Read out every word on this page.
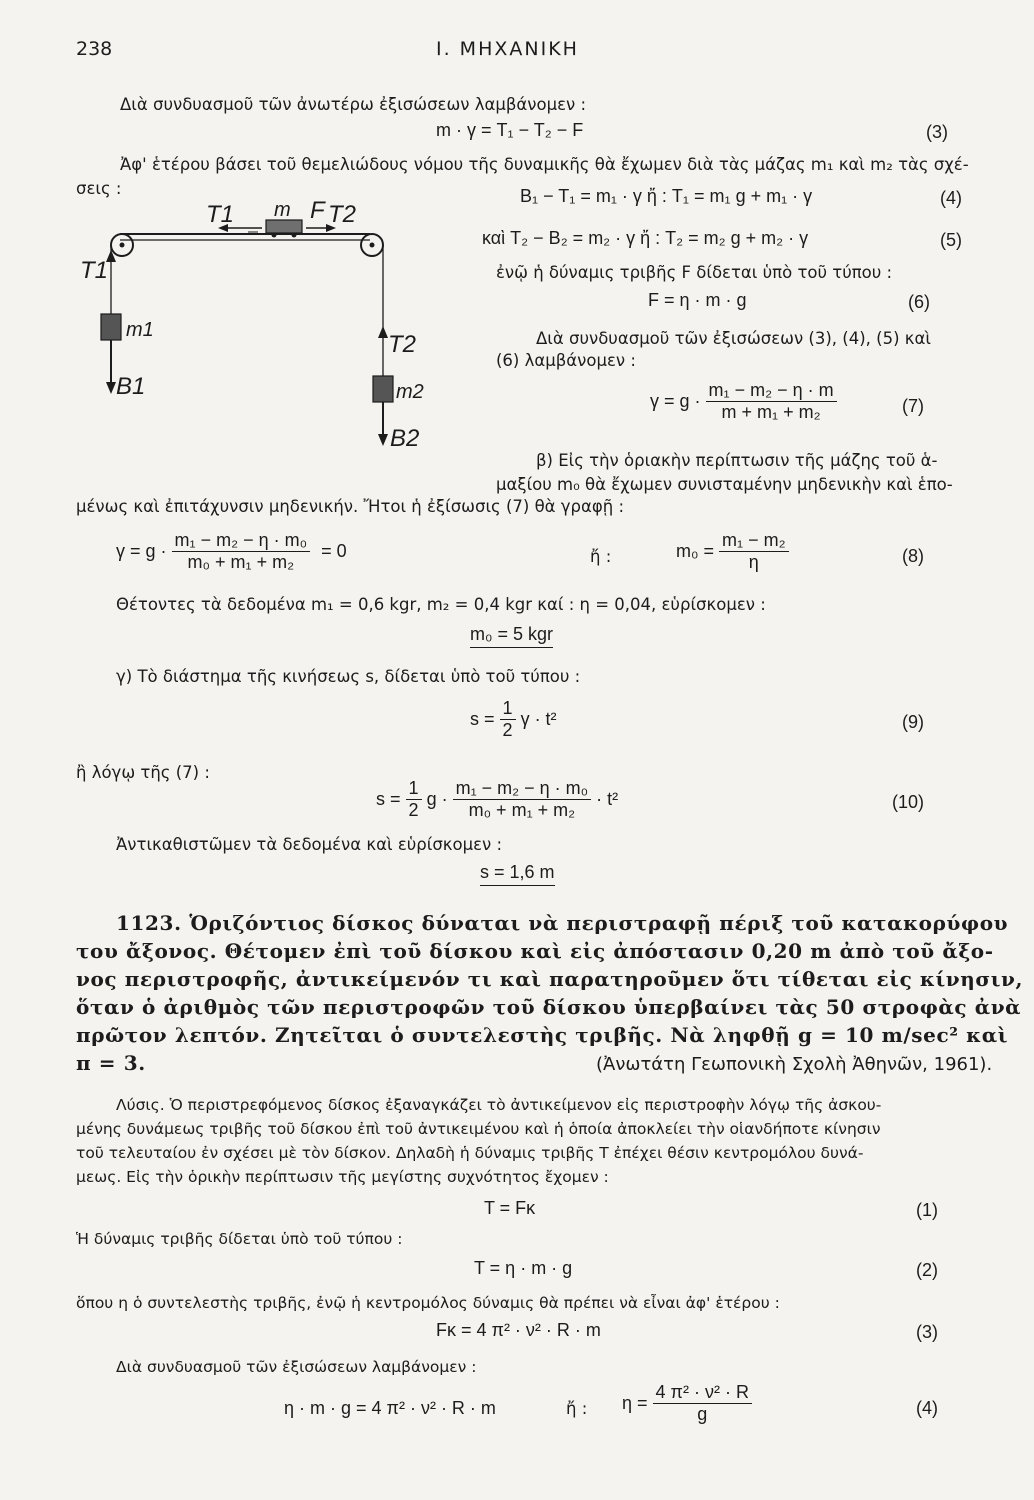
238	Ι. ΜΗΧΑΝΙΚΗ
Διὰ συνδυασμοῦ τῶν ἀνωτέρω ἐξισώσεων λαμβάνομεν :
m · γ = T₁ − T₂ − F	(3)
Ἀφ' ἑτέρου βάσει τοῦ θεμελιώδους νόμου τῆς δυναμικῆς θὰ ἔχωμεν διὰ τὰς μάζας m₁ καὶ m₂ τὰς σχέ-
σεις :
T1
T1 m F T2
m1
B1
T2
m2
B2
B₁ − T₁ = m₁ · γ ἤ : T₁ = m₁ g + m₁ · γ	(4)
καὶ T₂ − B₂ = m₂ · γ ἤ : T₂ = m₂ g + m₂ · γ	(5)
ἐνῷ ἡ δύναμις τριβῆς F δίδεται ὑπὸ τοῦ τύπου :
F = η · m · g	(6)
Διὰ συνδυασμοῦ τῶν ἐξισώσεων (3), (4), (5) καὶ
(6) λαμβάνομεν :
$\gamma = g \cdot \frac{\text{m₁ − m₂ − η · m}}{\text{m + m₁ + m₂}}$	(7)
β) Εἰς τὴν ὁριακὴν περίπτωσιν τῆς μάζης τοῦ ἁ-
μαξίου m₀ θὰ ἔχωμεν συνισταμένην μηδενικὴν καὶ ἑπο-
μένως καὶ ἐπιτάχυνσιν μηδενικήν. Ἤτοι ἡ ἐξίσωσις (7) θὰ γραφῇ :
$\gamma = g \cdot \frac{\text{m₁ − m₂ − η · m₀}}{\text{m₀ + m₁ + m₂}} = 0$	ἤ :	$m_0 = \frac{\text{m₁ − m₂}}{\eta}$	(8)
Θέτοντες τὰ δεδομένα m₁ = 0,6 kgr, m₂ = 0,4 kgr καί : η = 0,04, εὑρίσκομεν :
m₀ = 5 kgr
γ) Τὸ διάστημα τῆς κινήσεως s, δίδεται ὑπὸ τοῦ τύπου :
$s = \frac{1}{2}$ γ · t²	(9)
ἢ λόγῳ τῆς (7) :
$s = \frac{1}{2}$ $g \cdot \frac{\text{m₁ − m₂ − η · m₀}}{\text{m₀ + m₁ + m₂}} \cdot t^2$	(10)
Ἀντικαθιστῶμεν τὰ δεδομένα καὶ εὑρίσκομεν :
s = 1,6 m
1123. Ὁριζόντιος δίσκος δύναται νὰ περιστραφῇ πέριξ τοῦ κατακορύφου
του ἄξονος. Θέτομεν ἐπὶ τοῦ δίσκου καὶ εἰς ἀπόστασιν 0,20 m ἀπὸ τοῦ ἄξο-
νος περιστροφῆς, ἀντικείμενόν τι καὶ παρατηροῦμεν ὅτι τίθεται εἰς κίνησιν,
ὅταν ὁ ἀριθμὸς τῶν περιστροφῶν τοῦ δίσκου ὑπερβαίνει τὰς 50 στροφὰς ἀνὰ
πρῶτον λεπτόν. Ζητεῖται ὁ συντελεστὴς τριβῆς. Νὰ ληφθῇ g = 10 m/sec² καὶ
π = 3.	(Ἀνωτάτη Γεωπονικὴ Σχολὴ Ἀθηνῶν, 1961).
Λύσις. Ὁ περιστρεφόμενος δίσκος ἐξαναγκάζει τὸ ἀντικείμενον εἰς περιστροφὴν λόγῳ τῆς ἀσκου-
μένης δυνάμεως τριβῆς τοῦ δίσκου ἐπὶ τοῦ ἀντικειμένου καὶ ἡ ὁποία ἀποκλείει τὴν οἱανδήποτε κίνησιν
τοῦ τελευταίου ἐν σχέσει μὲ τὸν δίσκον. Δηλαδὴ ἡ δύναμις τριβῆς T ἐπέχει θέσιν κεντρομόλου δυνά-
μεως. Εἰς τὴν ὁρικὴν περίπτωσιν τῆς μεγίστης συχνότητος ἔχομεν :
T = Fκ	(1)
Ἡ δύναμις τριβῆς δίδεται ὑπὸ τοῦ τύπου :
T = η · m · g	(2)
ὅπου η ὁ συντελεστὴς τριβῆς, ἐνῷ ἡ κεντρομόλος δύναμις θὰ πρέπει νὰ εἶναι ἀφ' ἑτέρου :
Fκ = 4 π² · ν² · R · m	(3)
Διὰ συνδυασμοῦ τῶν ἐξισώσεων λαμβάνομεν :
η · m · g = 4 π² · ν² · R · m	ἤ : $\eta = \frac{\text{4 π² · ν² · R}}{g}$	(4)
